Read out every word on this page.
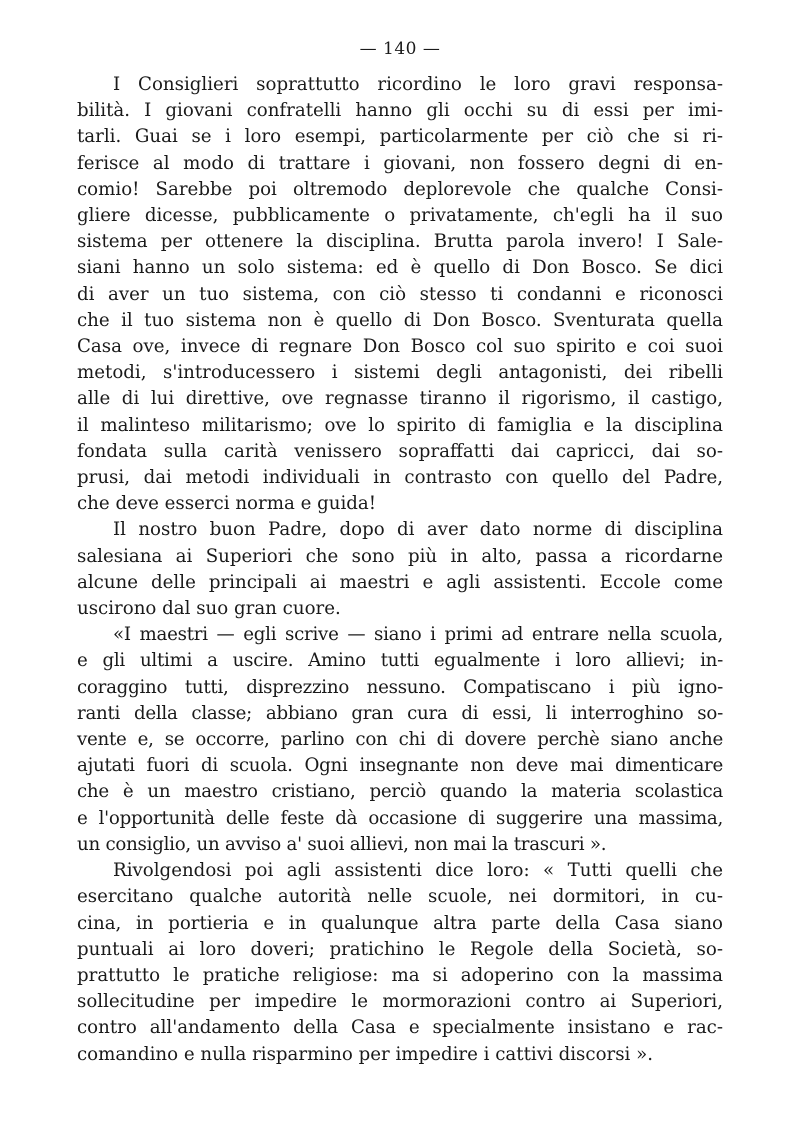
— 140 —

I Consiglieri soprattutto ricordino le loro gravi responsa-
bilità. I giovani confratelli hanno gli occhi su di essi per imi-
tarli. Guai se i loro esempi, particolarmente per ciò che si ri-
ferisce al modo di trattare i giovani, non fossero degni di en-
comio! Sarebbe poi oltremodo deplorevole che qualche Consi-
gliere dicesse, pubblicamente o privatamente, ch'egli ha il suo
sistema per ottenere la disciplina. Brutta parola invero! I Sale-
siani hanno un solo sistema: ed è quello di Don Bosco. Se dici
di aver un tuo sistema, con ciò stesso ti condanni e riconosci
che il tuo sistema non è quello di Don Bosco. Sventurata quella
Casa ove, invece di regnare Don Bosco col suo spirito e coi suoi
metodi, s'introducessero i sistemi degli antagonisti, dei ribelli
alle di lui direttive, ove regnasse tiranno il rigorismo, il castigo,
il malinteso militarismo; ove lo spirito di famiglia e la disciplina
fondata sulla carità venissero sopraffatti dai capricci, dai so-
prusi, dai metodi individuali in contrasto con quello del Padre,
che deve esserci norma e guida!

Il nostro buon Padre, dopo di aver dato norme di disciplina
salesiana ai Superiori che sono più in alto, passa a ricordarne
alcune delle principali ai maestri e agli assistenti. Eccole come
uscirono dal suo gran cuore.

«I maestri — egli scrive — siano i primi ad entrare nella scuola,
e gli ultimi a uscire. Amino tutti egualmente i loro allievi; in-
coraggino tutti, disprezzino nessuno. Compatiscano i più igno-
ranti della classe; abbiano gran cura di essi, li interroghino so-
vente e, se occorre, parlino con chi di dovere perchè siano anche
ajutati fuori di scuola. Ogni insegnante non deve mai dimenticare
che è un maestro cristiano, perciò quando la materia scolastica
e l'opportunità delle feste dà occasione di suggerire una massima,
un consiglio, un avviso a' suoi allievi, non mai la trascuri ».

Rivolgendosi poi agli assistenti dice loro: « Tutti quelli che
esercitano qualche autorità nelle scuole, nei dormitori, in cu-
cina, in portieria e in qualunque altra parte della Casa siano
puntuali ai loro doveri; pratichino le Regole della Società, so-
prattutto le pratiche religiose: ma si adoperino con la massima
sollecitudine per impedire le mormorazioni contro ai Superiori,
contro all'andamento della Casa e specialmente insistano e rac-
comandino e nulla risparmino per impedire i cattivi discorsi ».
